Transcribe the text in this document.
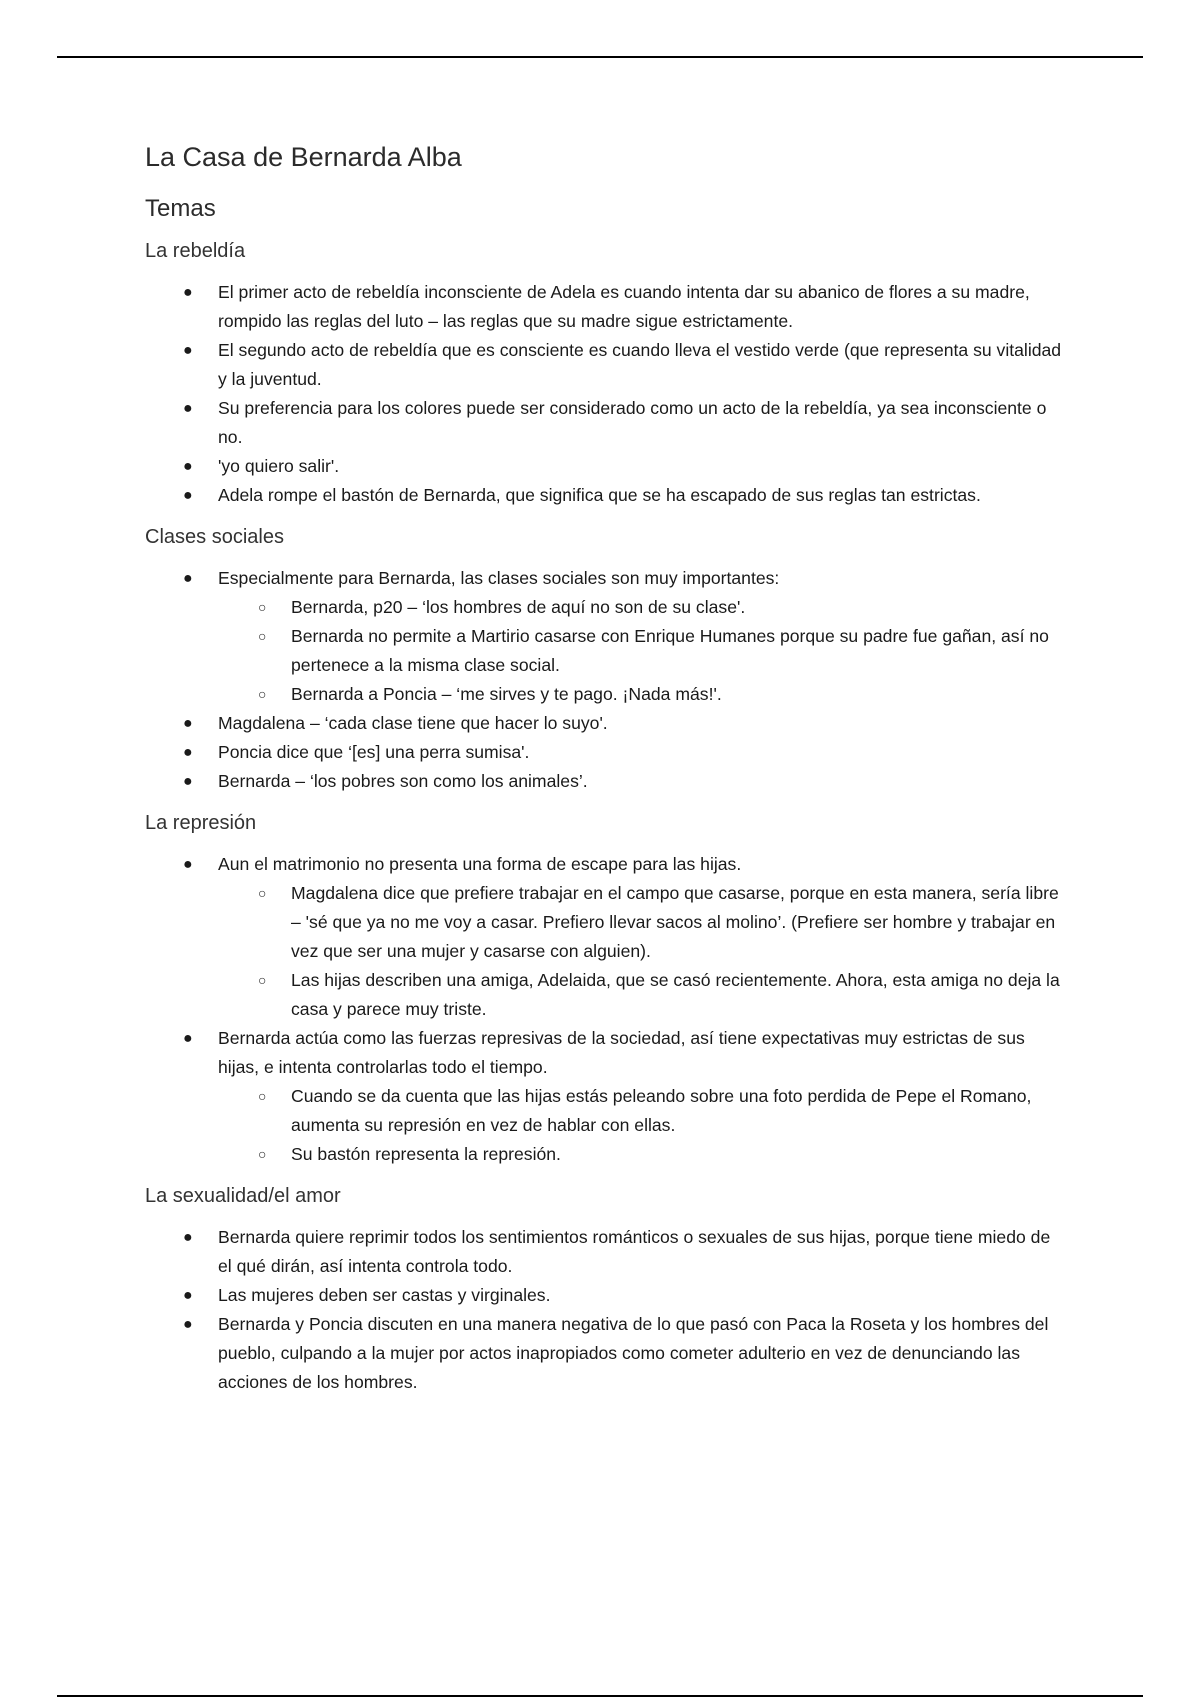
La Casa de Bernarda Alba
Temas
La rebeldía
● El primer acto de rebeldía inconsciente de Adela es cuando intenta dar su abanico de flores a su madre, rompido las reglas del luto – las reglas que su madre sigue estrictamente.
● El segundo acto de rebeldía que es consciente es cuando lleva el vestido verde (que representa su vitalidad y la juventud.
● Su preferencia para los colores puede ser considerado como un acto de la rebeldía, ya sea inconsciente o no.
● 'yo quiero salir'.
● Adela rompe el bastón de Bernarda, que significa que se ha escapado de sus reglas tan estrictas.
Clases sociales
● Especialmente para Bernarda, las clases sociales son muy importantes:
○ Bernarda, p20 – ‘los hombres de aquí no son de su clase'.
○ Bernarda no permite a Martirio casarse con Enrique Humanes porque su padre fue gañan, así no pertenece a la misma clase social.
○ Bernarda a Poncia – ‘me sirves y te pago. ¡Nada más!'.
● Magdalena – ‘cada clase tiene que hacer lo suyo'.
● Poncia dice que ‘[es] una perra sumisa'.
● Bernarda – ‘los pobres son como los animales’.
La represión
● Aun el matrimonio no presenta una forma de escape para las hijas.
○ Magdalena dice que prefiere trabajar en el campo que casarse, porque en esta manera, sería libre – 'sé que ya no me voy a casar. Prefiero llevar sacos al molino’. (Prefiere ser hombre y trabajar en vez que ser una mujer y casarse con alguien).
○ Las hijas describen una amiga, Adelaida, que se casó recientemente. Ahora, esta amiga no deja la casa y parece muy triste.
● Bernarda actúa como las fuerzas represivas de la sociedad, así tiene expectativas muy estrictas de sus hijas, e intenta controlarlas todo el tiempo.
○ Cuando se da cuenta que las hijas estás peleando sobre una foto perdida de Pepe el Romano, aumenta su represión en vez de hablar con ellas.
○ Su bastón representa la represión.
La sexualidad/el amor
● Bernarda quiere reprimir todos los sentimientos románticos o sexuales de sus hijas, porque tiene miedo de el qué dirán, así intenta controla todo.
● Las mujeres deben ser castas y virginales.
● Bernarda y Poncia discuten en una manera negativa de lo que pasó con Paca la Roseta y los hombres del pueblo, culpando a la mujer por actos inapropiados como cometer adulterio en vez de denunciando las acciones de los hombres.
